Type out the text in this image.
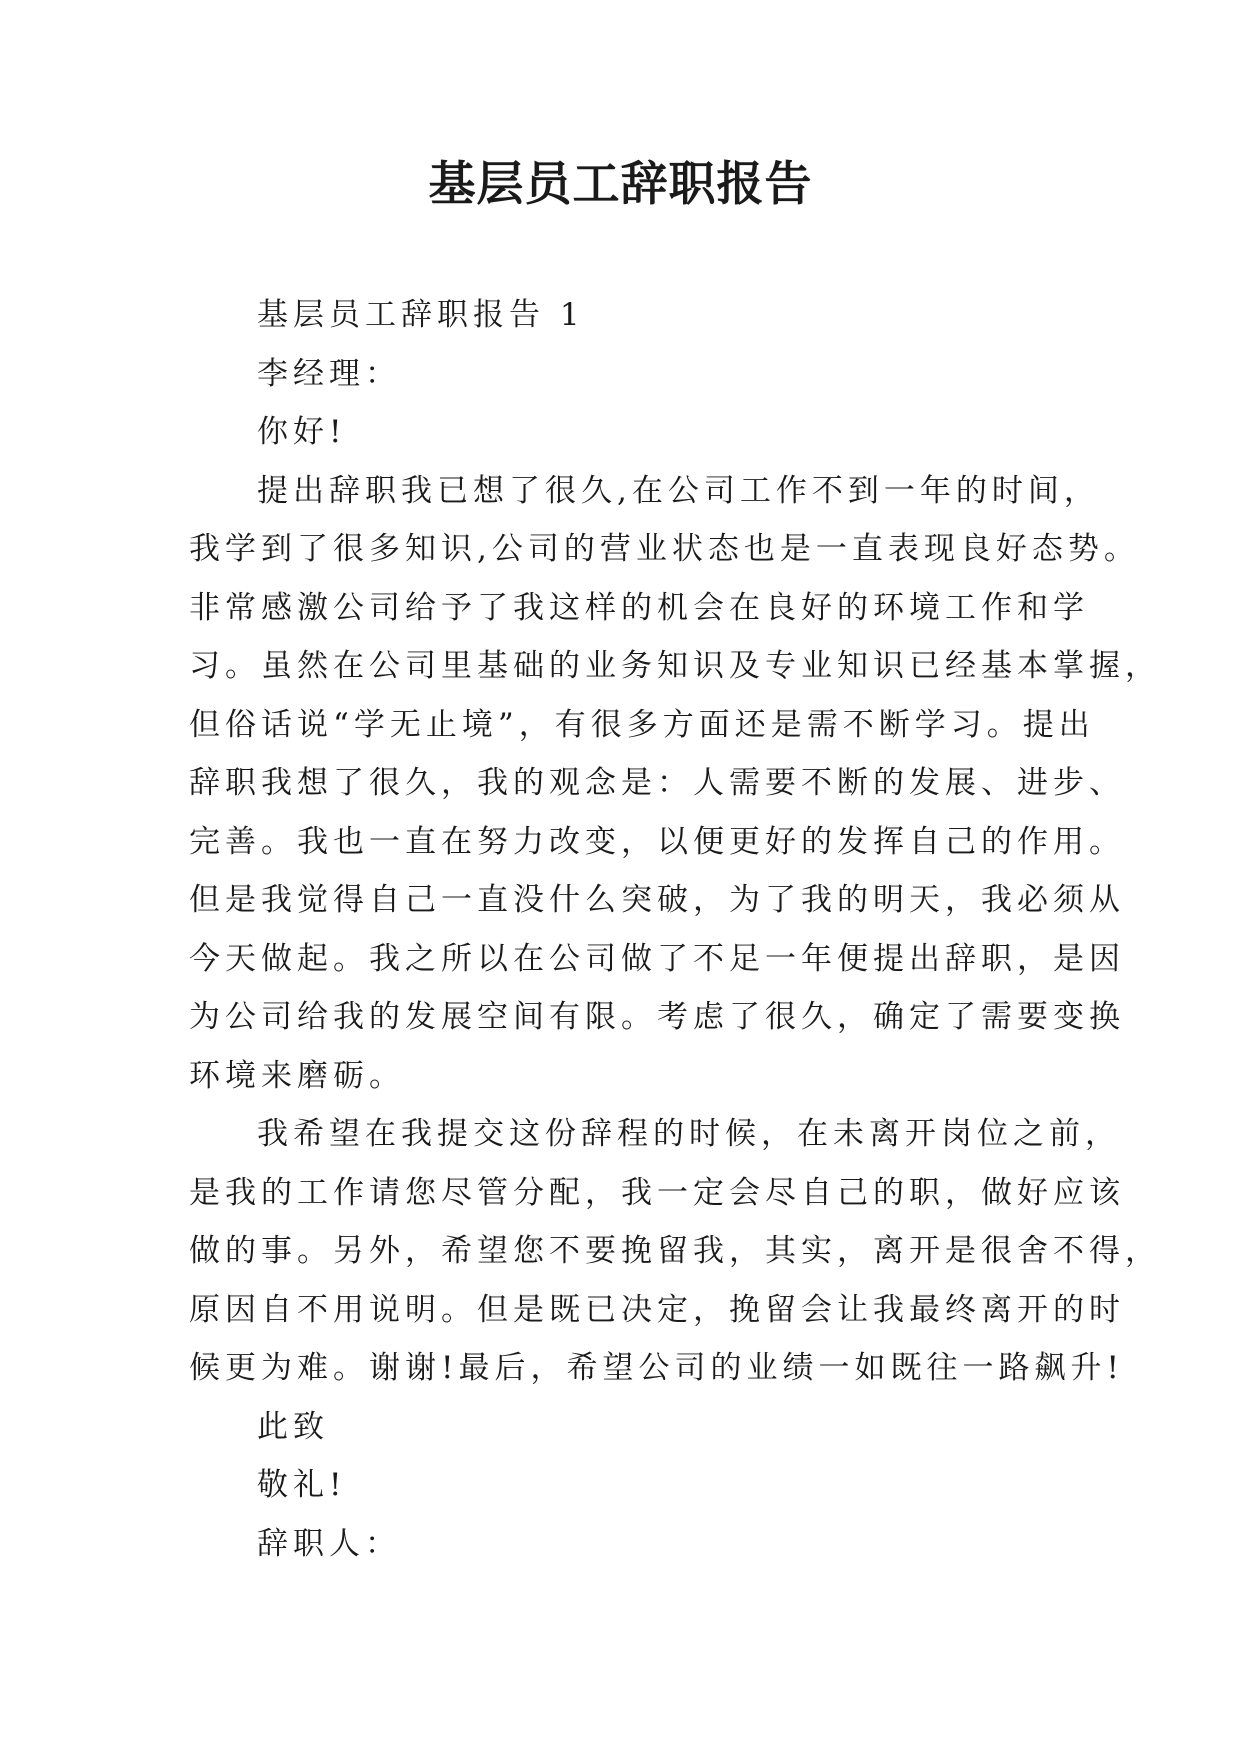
基层员工辞职报告
基层员工辞职报告 1
李经理：
你好!
提出辞职我已想了很久,在公司工作不到一年的时间，
我学到了很多知识,公司的营业状态也是一直表现良好态势。
非常感激公司给予了我这样的机会在良好的环境工作和学
习。虽然在公司里基础的业务知识及专业知识已经基本掌握，
但俗话说“学无止境”，有很多方面还是需不断学习。提出
辞职我想了很久，我的观念是：人需要不断的发展、进步、
完善。我也一直在努力改变，以便更好的发挥自己的作用。
但是我觉得自己一直没什么突破，为了我的明天，我必须从
今天做起。我之所以在公司做了不足一年便提出辞职，是因
为公司给我的发展空间有限。考虑了很久，确定了需要变换
环境来磨砺。
我希望在我提交这份辞程的时候，在未离开岗位之前，
是我的工作请您尽管分配，我一定会尽自己的职，做好应该
做的事。另外，希望您不要挽留我，其实，离开是很舍不得，
原因自不用说明。但是既已决定，挽留会让我最终离开的时
候更为难。谢谢!最后，希望公司的业绩一如既往一路飙升!
此致
敬礼!
辞职人：
